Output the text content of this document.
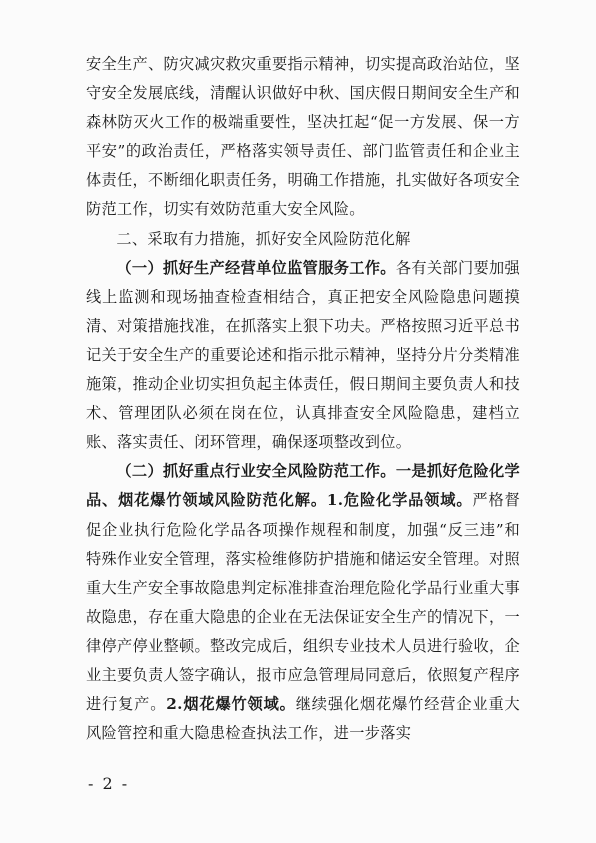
安全生产、防灾减灾救灾重要指示精神，切实提高政治站位，坚守安全发展底线，清醒认识做好中秋、国庆假日期间安全生产和森林防灭火工作的极端重要性，坚决扛起“促一方发展、保一方平安”的政治责任，严格落实领导责任、部门监管责任和企业主体责任，不断细化职责任务，明确工作措施，扎实做好各项安全防范工作，切实有效防范重大安全风险。

二、采取有力措施，抓好安全风险防范化解

（一）抓好生产经营单位监管服务工作。各有关部门要加强线上监测和现场抽查检查相结合，真正把安全风险隐患问题摸清、对策措施找准，在抓落实上狠下功夫。严格按照习近平总书记关于安全生产的重要论述和指示批示精神，坚持分片分类精准施策，推动企业切实担负起主体责任，假日期间主要负责人和技术、管理团队必须在岗在位，认真排查安全风险隐患，建档立账、落实责任、闭环管理，确保逐项整改到位。

（二）抓好重点行业安全风险防范工作。一是抓好危险化学品、烟花爆竹领域风险防范化解。1.危险化学品领域。严格督促企业执行危险化学品各项操作规程和制度，加强“反三违”和特殊作业安全管理，落实检维修防护措施和储运安全管理。对照重大生产安全事故隐患判定标准排查治理危险化学品行业重大事故隐患，存在重大隐患的企业在无法保证安全生产的情况下，一律停产停业整顿。整改完成后，组织专业技术人员进行验收，企业主要负责人签字确认，报市应急管理局同意后，依照复产程序进行复产。2.烟花爆竹领域。继续强化烟花爆竹经营企业重大风险管控和重大隐患检查执法工作，进一步落实

- 2 -
